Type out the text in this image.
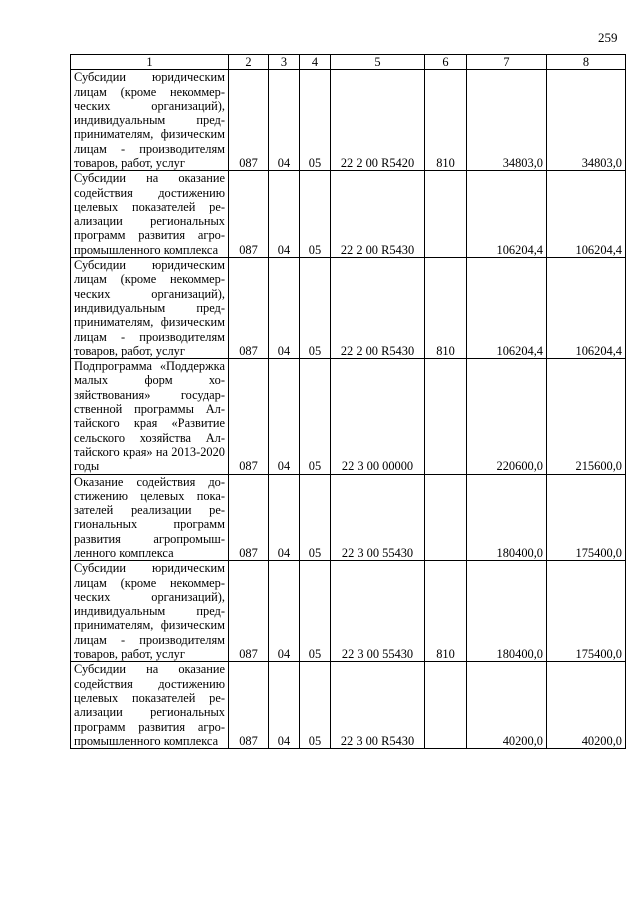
259
1	2	3	4	5	6	7	8
Субсидии юридическим лицам (кроме некоммерческих организаций), индивидуальным предпринимателям, физическим лицам - производителям товаров, работ, услуг	087	04	05	22 2 00 R5420	810	34803,0	34803,0
Субсидии на оказание содействия достижению целевых показателей реализации региональных программ развития агропромышленного комплекса	087	04	05	22 2 00 R5430		106204,4	106204,4
Субсидии юридическим лицам (кроме некоммерческих организаций), индивидуальным предпринимателям, физическим лицам - производителям товаров, работ, услуг	087	04	05	22 2 00 R5430	810	106204,4	106204,4
Подпрограмма «Поддержка малых форм хозяйствования» государственной программы Алтайского края «Развитие сельского хозяйства Алтайского края» на 2013-2020 годы	087	04	05	22 3 00 00000		220600,0	215600,0
Оказание содействия достижению целевых показателей реализации региональных программ развития агропромышленного комплекса	087	04	05	22 3 00 55430		180400,0	175400,0
Субсидии юридическим лицам (кроме некоммерческих организаций), индивидуальным предпринимателям, физическим лицам - производителям товаров, работ, услуг	087	04	05	22 3 00 55430	810	180400,0	175400,0
Субсидии на оказание содействия достижению целевых показателей реализации региональных программ развития агропромышленного комплекса	087	04	05	22 3 00 R5430		40200,0	40200,0
